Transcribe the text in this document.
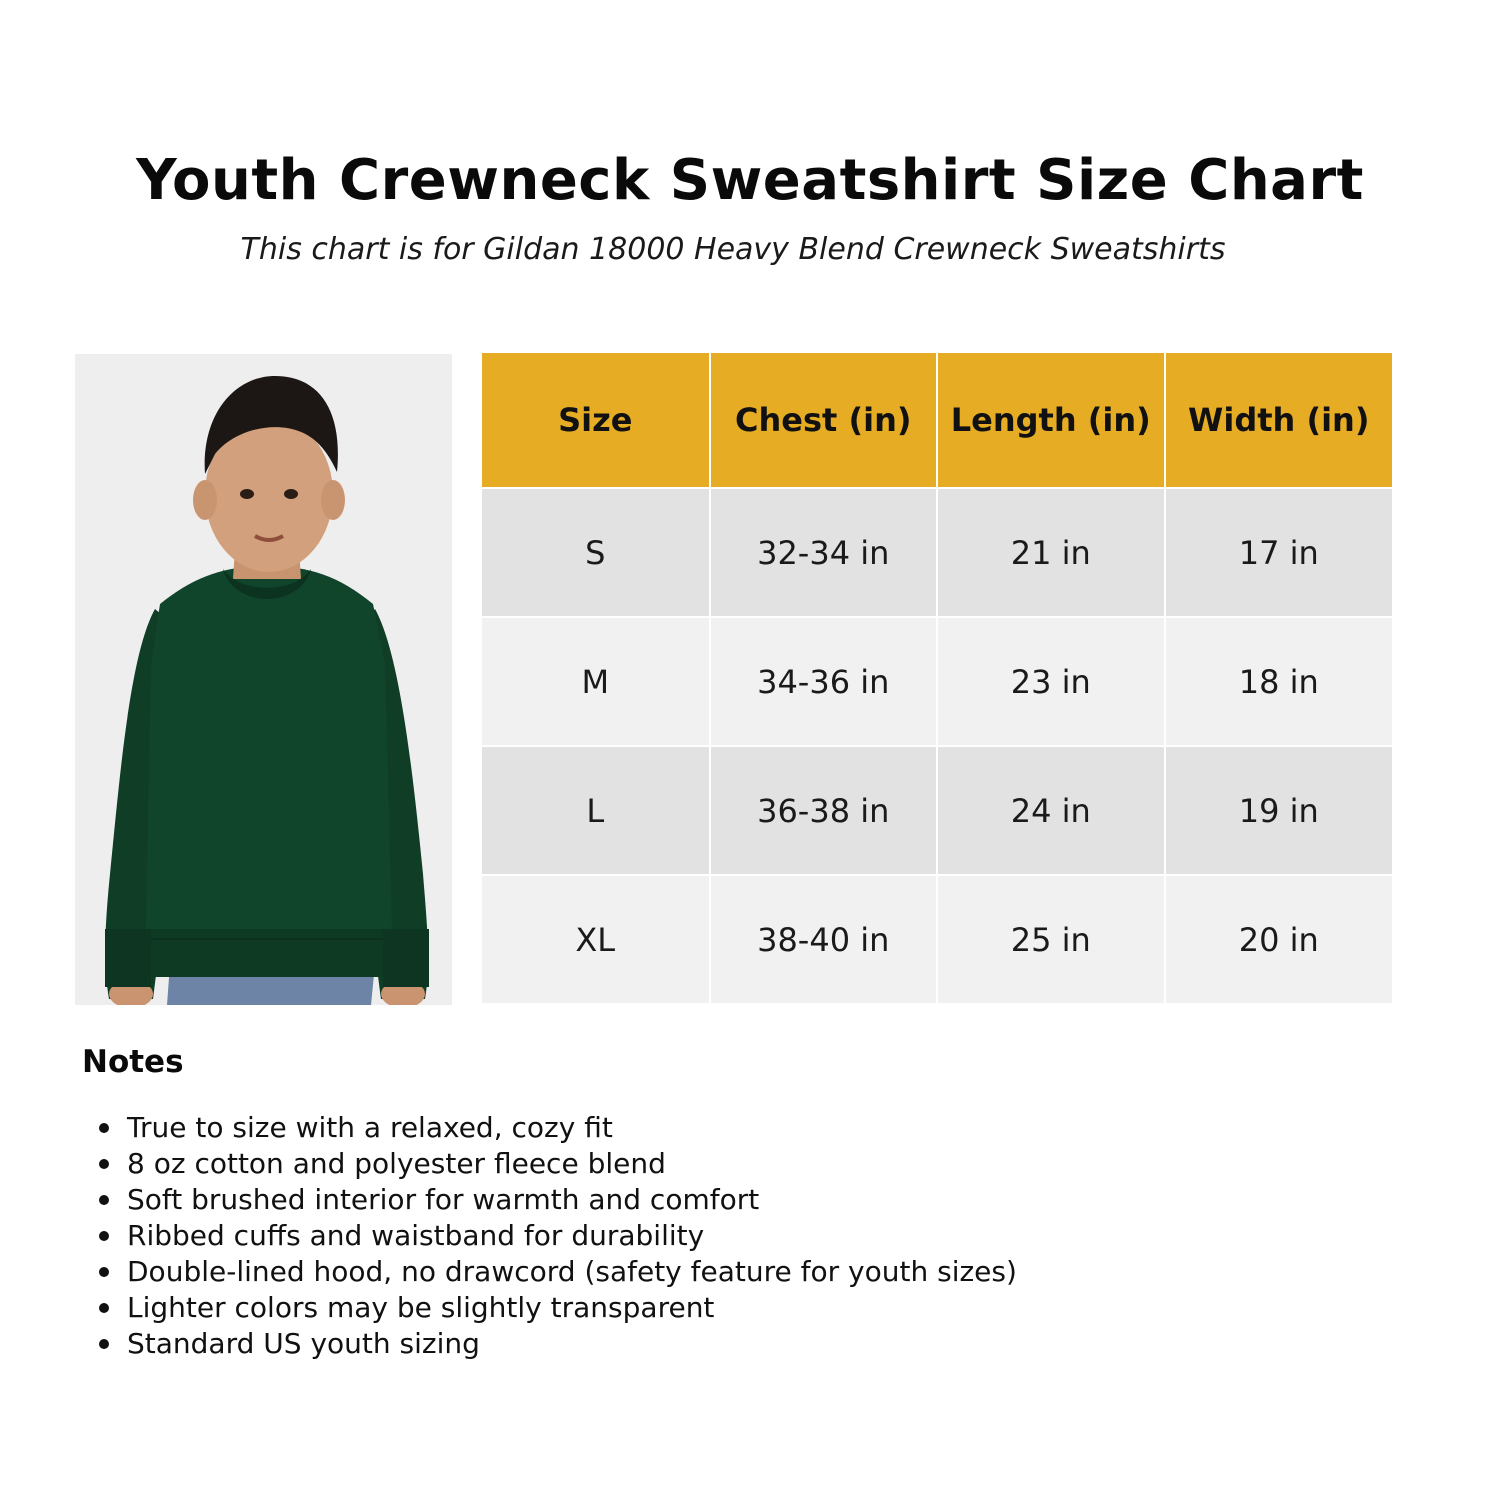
Youth Crewneck Sweatshirt Size Chart

This chart is for Gildan 18000 Heavy Blend Crewneck Sweatshirts

Size	Chest (in)	Length (in)	Width (in)
S	32-34 in	21 in	17 in
M	34-36 in	23 in	18 in
L	36-38 in	24 in	19 in
XL	38-40 in	25 in	20 in
Notes
True to size with a relaxed, cozy fit
8 oz cotton and polyester fleece blend
Soft brushed interior for warmth and comfort
Ribbed cuffs and waistband for durability
Double-lined hood, no drawcord (safety feature for youth sizes)
Lighter colors may be slightly transparent
Standard US youth sizing
